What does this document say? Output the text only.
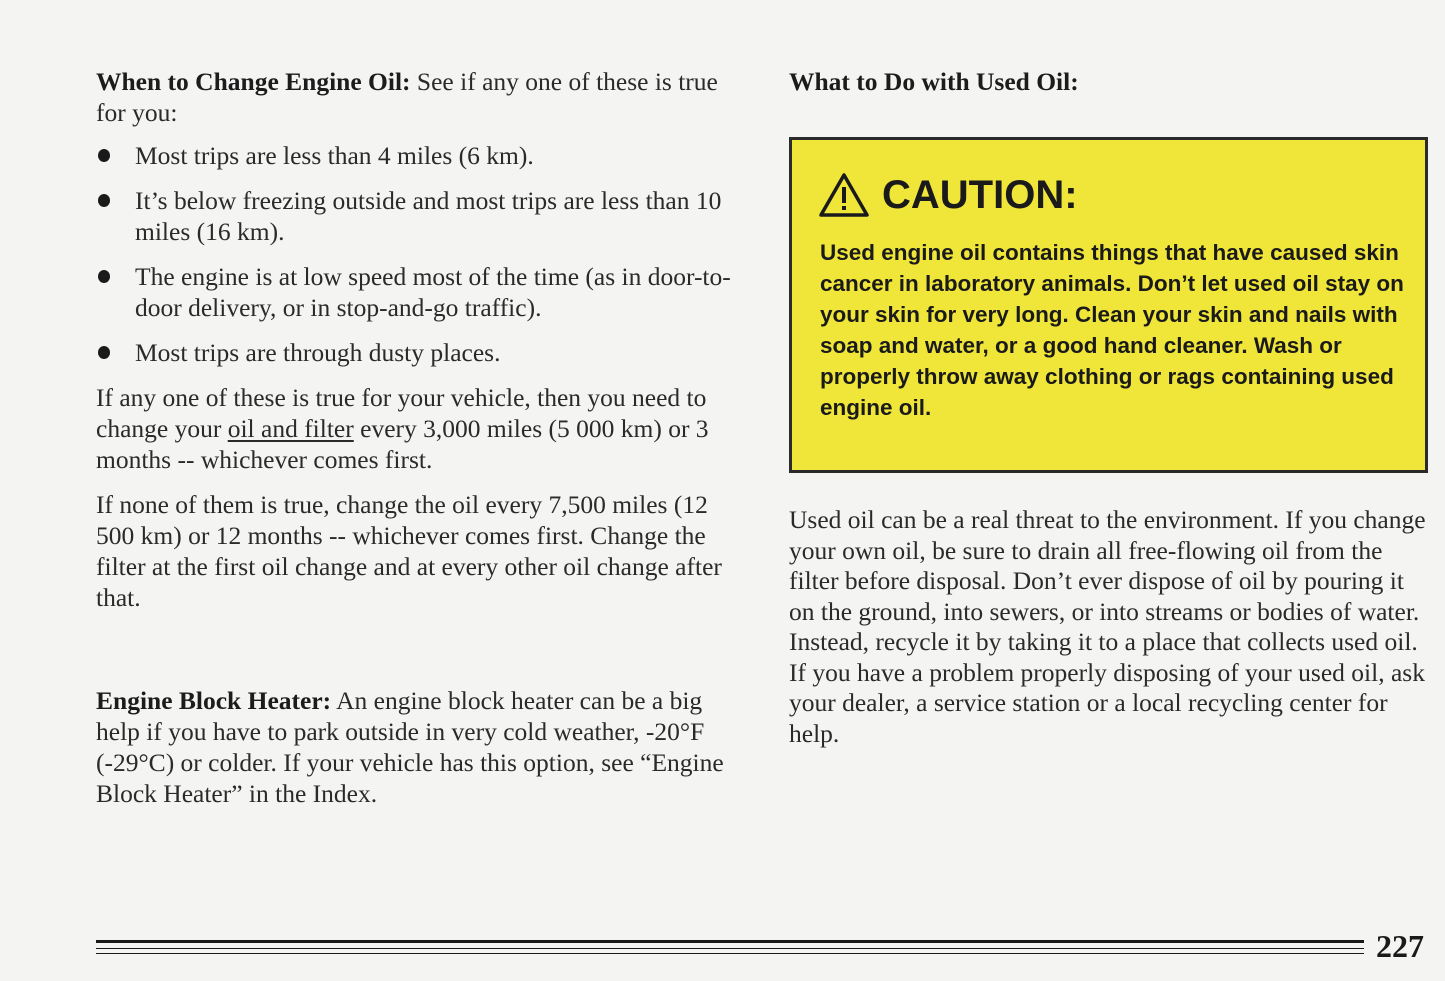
When to Change Engine Oil: See if any one of these is true for you:

Most trips are less than 4 miles (6 km).
It’s below freezing outside and most trips are less than 10 miles (16 km).
The engine is at low speed most of the time (as in door-to-door delivery, or in stop-and-go traffic).
Most trips are through dusty places.

If any one of these is true for your vehicle, then you need to change your oil and filter every 3,000 miles (5 000 km) or 3 months -- whichever comes first.

If none of them is true, change the oil every 7,500 miles (12 500 km) or 12 months -- whichever comes first. Change the filter at the first oil change and at every other oil change after that.

Engine Block Heater: An engine block heater can be a big help if you have to park outside in very cold weather, -20°F (-29°C) or colder. If your vehicle has this option, see “Engine Block Heater” in the Index.

What to Do with Used Oil:

CAUTION:

Used engine oil contains things that have caused skin cancer in laboratory animals. Don’t let used oil stay on your skin for very long. Clean your skin and nails with soap and water, or a good hand cleaner. Wash or properly throw away clothing or rags containing used engine oil.

Used oil can be a real threat to the environment. If you change your own oil, be sure to drain all free-flowing oil from the filter before disposal. Don’t ever dispose of oil by pouring it on the ground, into sewers, or into streams or bodies of water. Instead, recycle it by taking it to a place that collects used oil. If you have a problem properly disposing of your used oil, ask your dealer, a service station or a local recycling center for help.

227
